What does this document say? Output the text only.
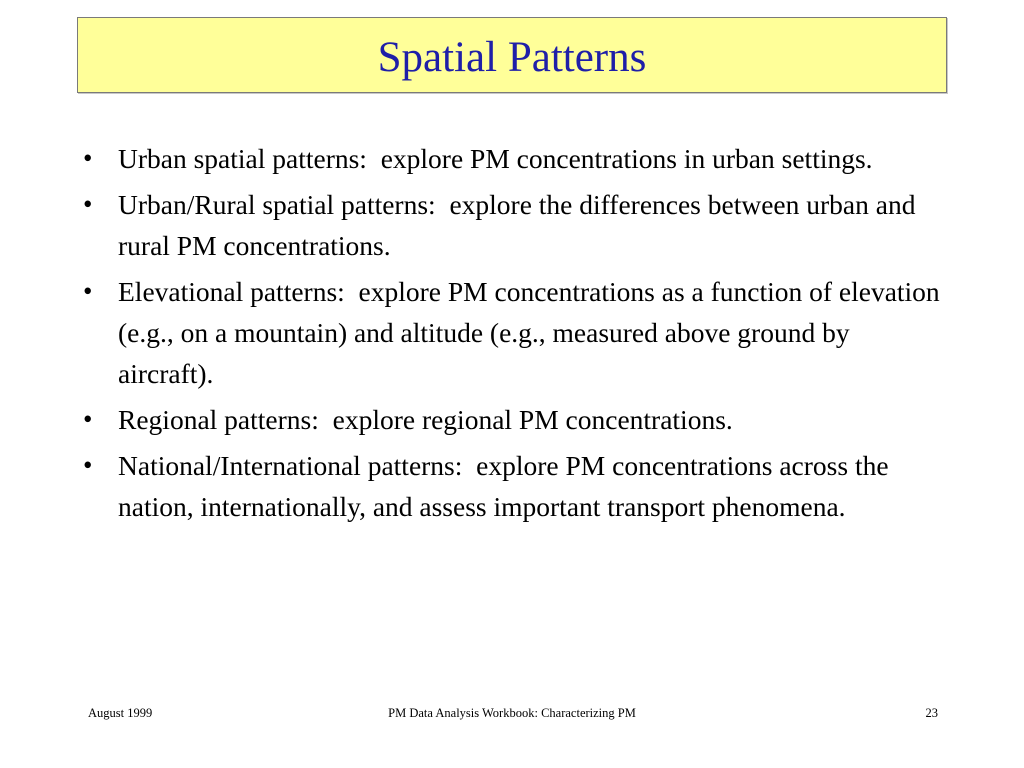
Spatial Patterns
• Urban spatial patterns: explore PM concentrations in urban settings.
• Urban/Rural spatial patterns: explore the differences between urban and rural PM concentrations.
• Elevational patterns: explore PM concentrations as a function of elevation (e.g., on a mountain) and altitude (e.g., measured above ground by aircraft).
• Regional patterns: explore regional PM concentrations.
• National/International patterns: explore PM concentrations across the nation, internationally, and assess important transport phenomena.
August 1999	PM Data Analysis Workbook: Characterizing PM	23
